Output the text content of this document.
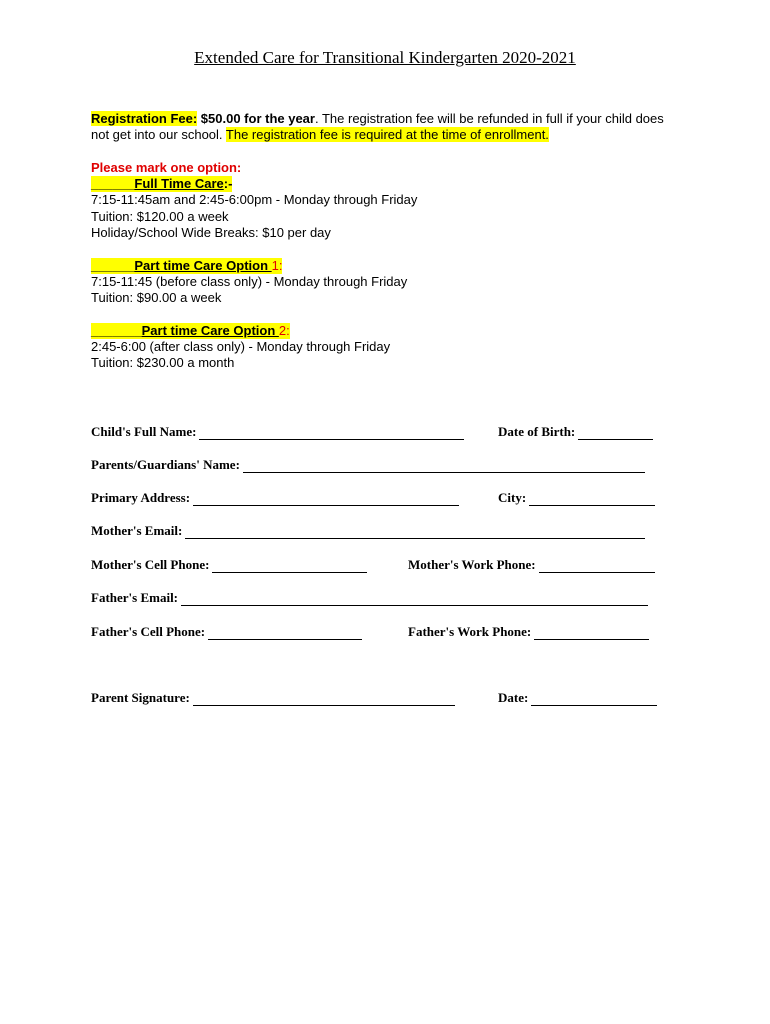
Extended Care for Transitional Kindergarten 2020-2021
Registration Fee: $50.00 for the year. The registration fee will be refunded in full if your child does
not get into our school. The registration fee is required at the time of enrollment.
Please mark one option:
______Full Time Care:-
7:15-11:45am and 2:45-6:00pm - Monday through Friday
Tuition: $120.00 a week
Holiday/School Wide Breaks: $10 per day
______Part time Care Option 1:
7:15-11:45 (before class only) - Monday through Friday
Tuition: $90.00 a week
_______Part time Care Option 2:
2:45-6:00 (after class only) - Monday through Friday
Tuition: $230.00 a month
Child's Full Name:	Date of Birth:
Parents/Guardians' Name:
Primary Address:	City:
Mother's Email:
Mother's Cell Phone:	Mother's Work Phone:
Father's Email:
Father's Cell Phone:	Father's Work Phone:
Parent Signature:	Date:
